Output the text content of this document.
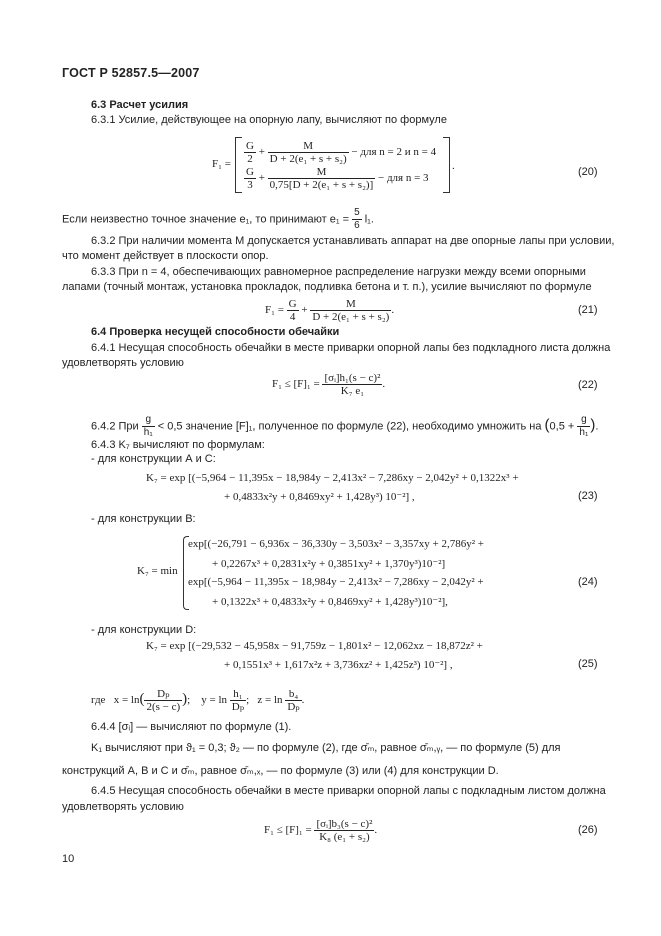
ГОСТ Р 52857.5—2007
6.3 Расчет усилия
6.3.1 Усилие, действующее на опорную лапу, вычисляют по формуле
$F_1 = \frac{G}{2} + \frac{M}{\text{D + 2(e₁ + s + s₂)}}$ − для n = 2 и n = 4
$\frac{G}{3} + \frac{M}{\text{0,75[D + 2(e₁ + s + s₂)]}}$ − для n = 3
.	(20)
Если неизвестно точное значение e₁, то принимают $e_1 = \frac{5}{6} l_1$.
6.3.2 При наличии момента M допускается устанавливать аппарат на две опорные лапы при условии,
что момент действует в плоскости опор.
6.3.3 При n = 4, обеспечивающих равномерное распределение нагрузки между всеми опорными
лапами (точный монтаж, установка прокладок, подливка бетона и т. п.), усилие вычисляют по формуле
$F_1 = \frac{G}{4} + \frac{M}{\text{D + 2(e₁ + s + s₂)}}$ .	(21)
6.4 Проверка несущей способности обечайки
6.4.1 Несущая способность обечайки в месте приварки опорной лапы без подкладного листа должна
удовлетворять условию
$F_1 \le [F]_1 = \frac{\text{[σᵢ]h₁(s − c)²}}{\text{K₇ e₁}}$ .	(22)
6.4.2 При $\frac{g}{\text{h₁}} < 0,5$ значение [F]₁, полученное по формуле (22), необходимо умножить на ($0,5 + \frac{g}{\text{h₁}}$ ).
6.4.3 K₇ вычисляют по формулам:
- для конструкции А и С:
K₇ = exp [(−5,964 − 11,395x − 18,984y − 2,413x² − 7,286xy − 2,042y² + 0,1322x³ +
+ 0,4833x²y + 0,8469xy² + 1,428y³) 10⁻²] ,	(23)
- для конструкции В:
K₇ = min
exp[(−26,791 − 6,936x − 36,330y − 3,503x² − 3,357xy + 2,786y² +
+ 0,2267x³ + 0,2831x²y + 0,3851xy² + 1,370y³)10⁻²]
exp[(−5,964 − 11,395x − 18,984y − 2,413x² − 7,286xy − 2,042y² +
+ 0,1322x³ + 0,4833x²y + 0,8469xy² + 1,428y³)10⁻²],
(24)
- для конструкции D:
K₇ = exp [(−29,532 − 45,958x − 91,759z − 1,801x² − 12,062xz − 18,872z² +
+ 0,1551x³ + 1,617x²z + 3,736xz² + 1,425z³) 10⁻²] ,	(25)
где $x = \ln( \frac{\text{Dₚ}}{2(s - c)}$ ); $y = \ln \frac{\text{h₁}}{\text{Dₚ}}$ ; $z = \ln \frac{\text{b₄}}{\text{Dₚ}}$ .
6.4.4 [σᵢ] — вычисляют по формуле (1).
K₁ вычисляют при ϑ₁ = 0,3; ϑ₂ — по формуле (2), где σ̄ₘ, равное σ̄ₘ,ᵧ, — по формуле (5) для
конструкций А, В и С и σ̄ₘ, равное σ̄ₘ,ₓ, — по формуле (3) или (4) для конструкции D.
6.4.5 Несущая способность обечайки в месте приварки опорной лапы с подкладным листом должна
удовлетворять условию
$F_1 \le [F]_1 = \frac{\text{[σᵢ]b₃(s − c)²}}{\text{K₈ (e₁ + s₂)}}$ .	(26)
10
